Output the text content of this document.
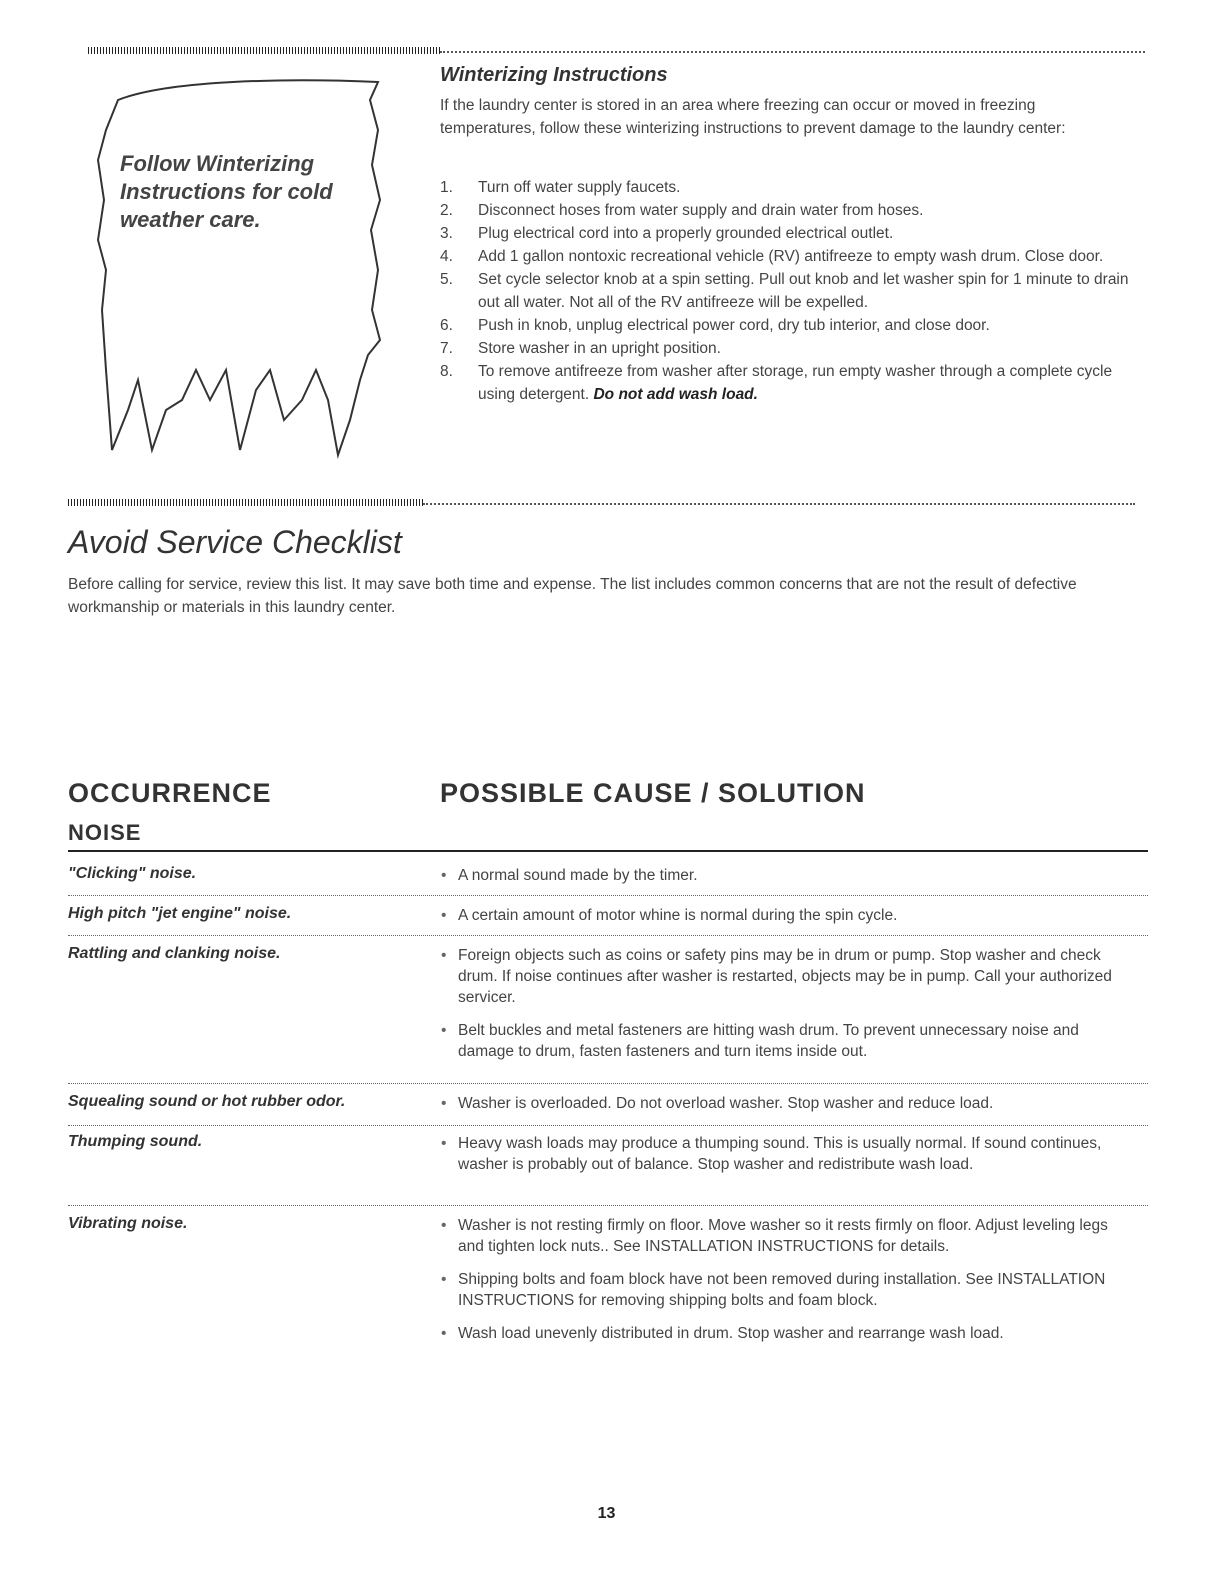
Follow Winterizing Instructions for cold weather care.
Winterizing Instructions
If the laundry center is stored in an area where freezing can occur or moved in freezing temperatures, follow these winterizing instructions to prevent damage to the laundry center:
1. Turn off water supply faucets.
2. Disconnect hoses from water supply and drain water from hoses.
3. Plug electrical cord into a properly grounded electrical outlet.
4. Add 1 gallon nontoxic recreational vehicle (RV) antifreeze to empty wash drum. Close door.
5. Set cycle selector knob at a spin setting. Pull out knob and let washer spin for 1 minute to drain out all water. Not all of the RV antifreeze will be expelled.
6. Push in knob, unplug electrical power cord, dry tub interior, and close door.
7. Store washer in an upright position.
8. To remove antifreeze from washer after storage, run empty washer through a complete cycle using detergent. Do not add wash load.
Avoid Service Checklist
Before calling for service, review this list. It may save both time and expense. The list includes common concerns that are not the result of defective workmanship or materials in this laundry center.
OCCURRENCE	POSSIBLE CAUSE / SOLUTION
NOISE
"Clicking" noise.	• A normal sound made by the timer.
High pitch "jet engine" noise.	• A certain amount of motor whine is normal during the spin cycle.
Rattling and clanking noise.	• Foreign objects such as coins or safety pins may be in drum or pump. Stop washer and check drum. If noise continues after washer is restarted, objects may be in pump. Call your authorized servicer.
• Belt buckles and metal fasteners are hitting wash drum. To prevent unnecessary noise and damage to drum, fasten fasteners and turn items inside out.
Squealing sound or hot rubber odor.	• Washer is overloaded. Do not overload washer. Stop washer and reduce load.
Thumping sound.	• Heavy wash loads may produce a thumping sound. This is usually normal. If sound continues, washer is probably out of balance. Stop washer and redistribute wash load.
Vibrating noise.	• Washer is not resting firmly on floor. Move washer so it rests firmly on floor. Adjust leveling legs and tighten lock nuts.. See INSTALLATION INSTRUCTIONS for details.
• Shipping bolts and foam block have not been removed during installation. See INSTALLATION INSTRUCTIONS for removing shipping bolts and foam block.
• Wash load unevenly distributed in drum. Stop washer and rearrange wash load.
13
